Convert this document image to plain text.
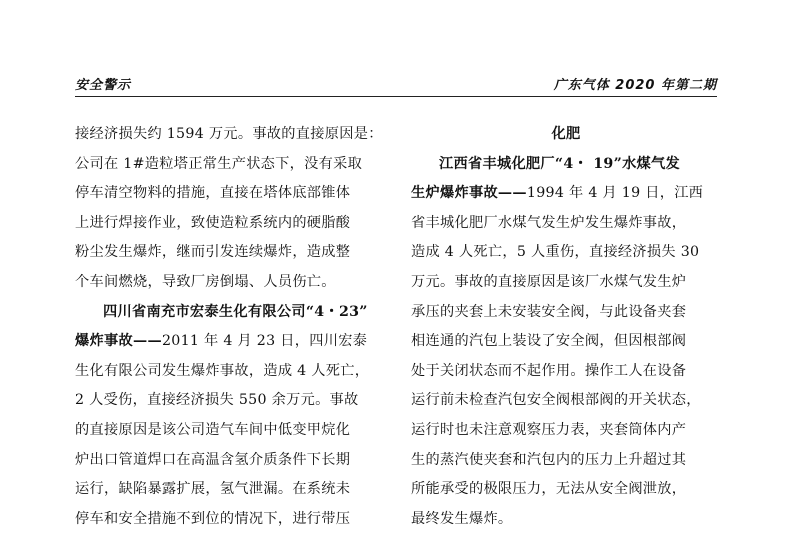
安全警示	广东气体 2020 年第二期
接经济损失约 1594 万元。事故的直接原因是：
公司在 1#造粒塔正常生产状态下，没有采取
停车清空物料的措施，直接在塔体底部锥体
上进行焊接作业，致使造粒系统内的硬脂酸
粉尘发生爆炸，继而引发连续爆炸，造成整
个车间燃烧，导致厂房倒塌、人员伤亡。
四川省南充市宏泰生化有限公司“4・23”
爆炸事故——2011 年 4 月 23 日，四川宏泰
生化有限公司发生爆炸事故，造成 4 人死亡，
2 人受伤，直接经济损失 550 余万元。事故
的直接原因是该公司造气车间中低变甲烷化
炉出口管道焊口在高温含氢介质条件下长期
运行，缺陷暴露扩展，氢气泄漏。在系统未
停车和安全措施不到位的情况下，进行带压
化肥
江西省丰城化肥厂“4・ 19”水煤气发
生炉爆炸事故——1994 年 4 月 19 日，江西
省丰城化肥厂水煤气发生炉发生爆炸事故，
造成 4 人死亡，5 人重伤，直接经济损失 30
万元。事故的直接原因是该厂水煤气发生炉
承压的夹套上未安装安全阀，与此设备夹套
相连通的汽包上装设了安全阀，但因根部阀
处于关闭状态而不起作用。操作工人在设备
运行前未检查汽包安全阀根部阀的开关状态，
运行时也未注意观察压力表，夹套筒体内产
生的蒸汽使夹套和汽包内的压力上升超过其
所能承受的极限压力，无法从安全阀泄放，
最终发生爆炸。
